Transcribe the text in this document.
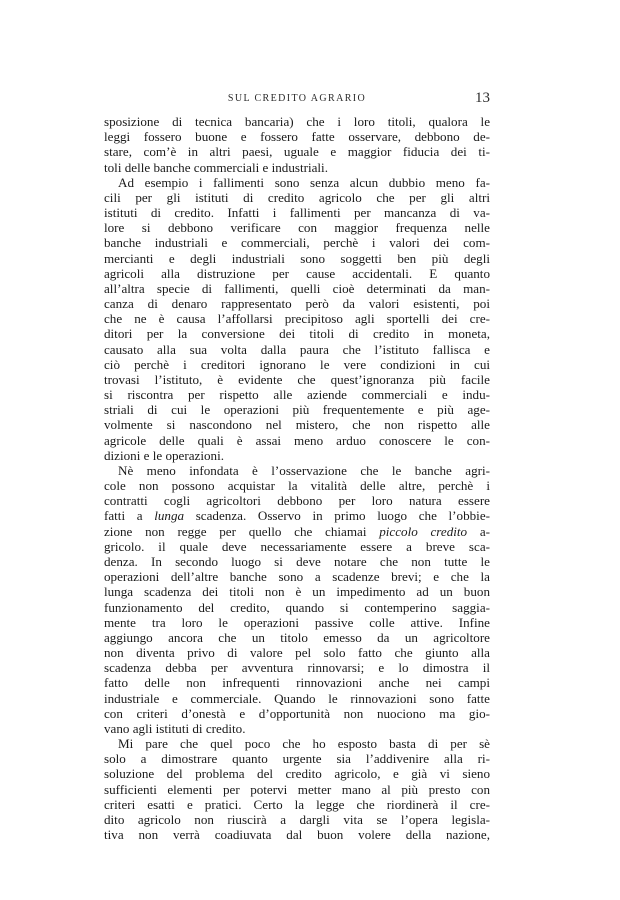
SUL CREDITO AGRARIO	13
sposizione di tecnica bancaria) che i loro titoli, qualora le
leggi fossero buone e fossero fatte osservare, debbono de-
stare, com’è in altri paesi, uguale e maggior fiducia dei ti-
toli delle banche commerciali e industriali.
Ad esempio i fallimenti sono senza alcun dubbio meno fa-
cili per gli istituti di credito agricolo che per gli altri
istituti di credito. Infatti i fallimenti per mancanza di va-
lore si debbono verificare con maggior frequenza nelle
banche industriali e commerciali, perchè i valori dei com-
mercianti e degli industriali sono soggetti ben più degli
agricoli alla distruzione per cause accidentali. E quanto
all’altra specie di fallimenti, quelli cioè determinati da man-
canza di denaro rappresentato però da valori esistenti, poi
che ne è causa l’affollarsi precipitoso agli sportelli dei cre-
ditori per la conversione dei titoli di credito in moneta,
causato alla sua volta dalla paura che l’istituto fallisca e
ciò perchè i creditori ignorano le vere condizioni in cui
trovasi l’istituto, è evidente che quest’ignoranza più facile
si riscontra per rispetto alle aziende commerciali e indu-
striali di cui le operazioni più frequentemente e più age-
volmente si nascondono nel mistero, che non rispetto alle
agricole delle quali è assai meno arduo conoscere le con-
dizioni e le operazioni.
Nè meno infondata è l’osservazione che le banche agri-
cole non possono acquistar la vitalità delle altre, perchè i
contratti cogli agricoltori debbono per loro natura essere
fatti a lunga scadenza. Osservo in primo luogo che l’obbie-
zione non regge per quello che chiamai piccolo credito a-
gricolo. il quale deve necessariamente essere a breve sca-
denza. In secondo luogo si deve notare che non tutte le
operazioni dell’altre banche sono a scadenze brevi; e che la
lunga scadenza dei titoli non è un impedimento ad un buon
funzionamento del credito, quando si contemperino saggia-
mente tra loro le operazioni passive colle attive. Infine
aggiungo ancora che un titolo emesso da un agricoltore
non diventa privo di valore pel solo fatto che giunto alla
scadenza debba per avventura rinnovarsi; e lo dimostra il
fatto delle non infrequenti rinnovazioni anche nei campi
industriale e commerciale. Quando le rinnovazioni sono fatte
con criteri d’onestà e d’opportunità non nuociono ma gio-
vano agli istituti di credito.
Mi pare che quel poco che ho esposto basta di per sè
solo a dimostrare quanto urgente sia l’addivenire alla ri-
soluzione del problema del credito agricolo, e già vi sieno
sufficienti elementi per potervi metter mano al più presto con
criteri esatti e pratici. Certo la legge che riordinerà il cre-
dito agricolo non riuscirà a dargli vita se l’opera legisla-
tiva non verrà coadiuvata dal buon volere della nazione,
